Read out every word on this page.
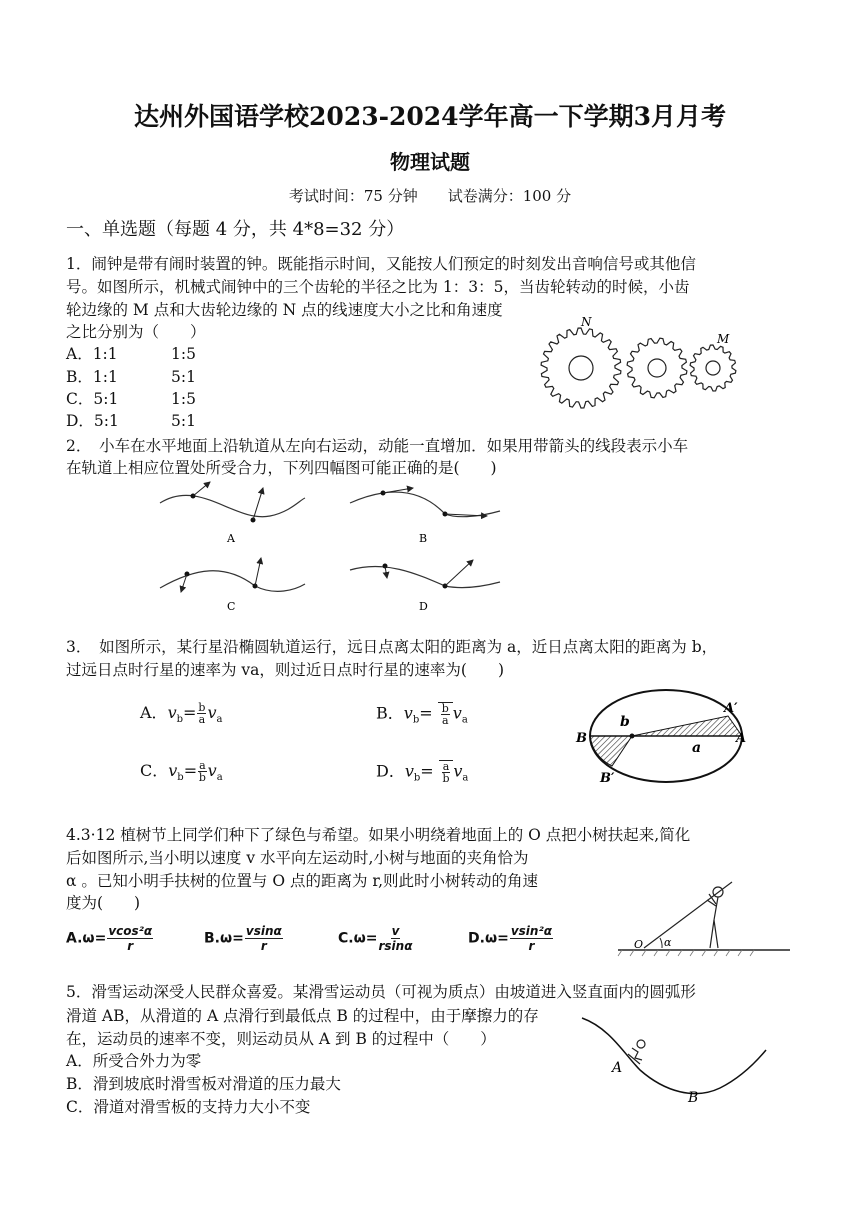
达州外国语学校2023-2024学年高一下学期3月月考
物理试题
考试时间：75 分钟　　试卷满分：100 分
一、单选题（每题 4 分，共 4*8=32 分）
1．闹钟是带有闹时装置的钟。既能指示时间，又能按人们预定的时刻发出音响信号或其他信
号。如图所示，机械式闹钟中的三个齿轮的半径之比为 1：3：5，当齿轮转动的时候，小齿
轮边缘的 M 点和大齿轮边缘的 N 点的线速度大小之比和角速度
之比分别为（　　）
A．1:1	1:5
B．1:1	5:1
C．5:1	1:5
D．5:1	5:1
N
M
2．　小车在水平地面上沿轨道从左向右运动，动能一直增加．如果用带箭头的线段表示小车
在轨道上相应位置处所受合力，下列四幅图可能正确的是(　　)
A	B
C	D
3．　如图所示，某行星沿椭圆轨道运行，远日点离太阳的距离为 a，近日点离太阳的距离为 b，
过远日点时行星的速率为 va，则过近日点时行星的速率为(　　)
A．$v_b= \frac{b}{a} v_a$	B．$v_b= \frac{b}{a} v_a$
C．$v_b= \frac{a}{b} v_a$	D．$v_b= \frac{a}{b} v_a$
A′
B
B′
A
b
a
4.3·12 植树节上同学们种下了绿色与希望。如果小明绕着地面上的 O 点把小树扶起来,简化
后如图所示,当小明以速度 v 水平向左运动时,小树与地面的夹角恰为
α 。已知小明手扶树的位置与 O 点的距离为 r,则此时小树转动的角速
度为(　　)
$A.\omega= \frac{\text{vcos²α}}{r}$	$B.\omega= \frac{vsin\alpha}{r}$	$C.\omega= \frac{v}{rsin\alpha}$	$D.\omega= \frac{\text{vsin²α}}{r}$	O α
5．滑雪运动深受人民群众喜爱。某滑雪运动员（可视为质点）由坡道进入竖直面内的圆弧形
滑道 AB，从滑道的 A 点滑行到最低点 B 的过程中，由于摩擦力的存
在，运动员的速率不变，则运动员从 A 到 B 的过程中（　　）
A．所受合外力为零
B．滑到坡底时滑雪板对滑道的压力最大
C．滑道对滑雪板的支持力大小不变
A
B
